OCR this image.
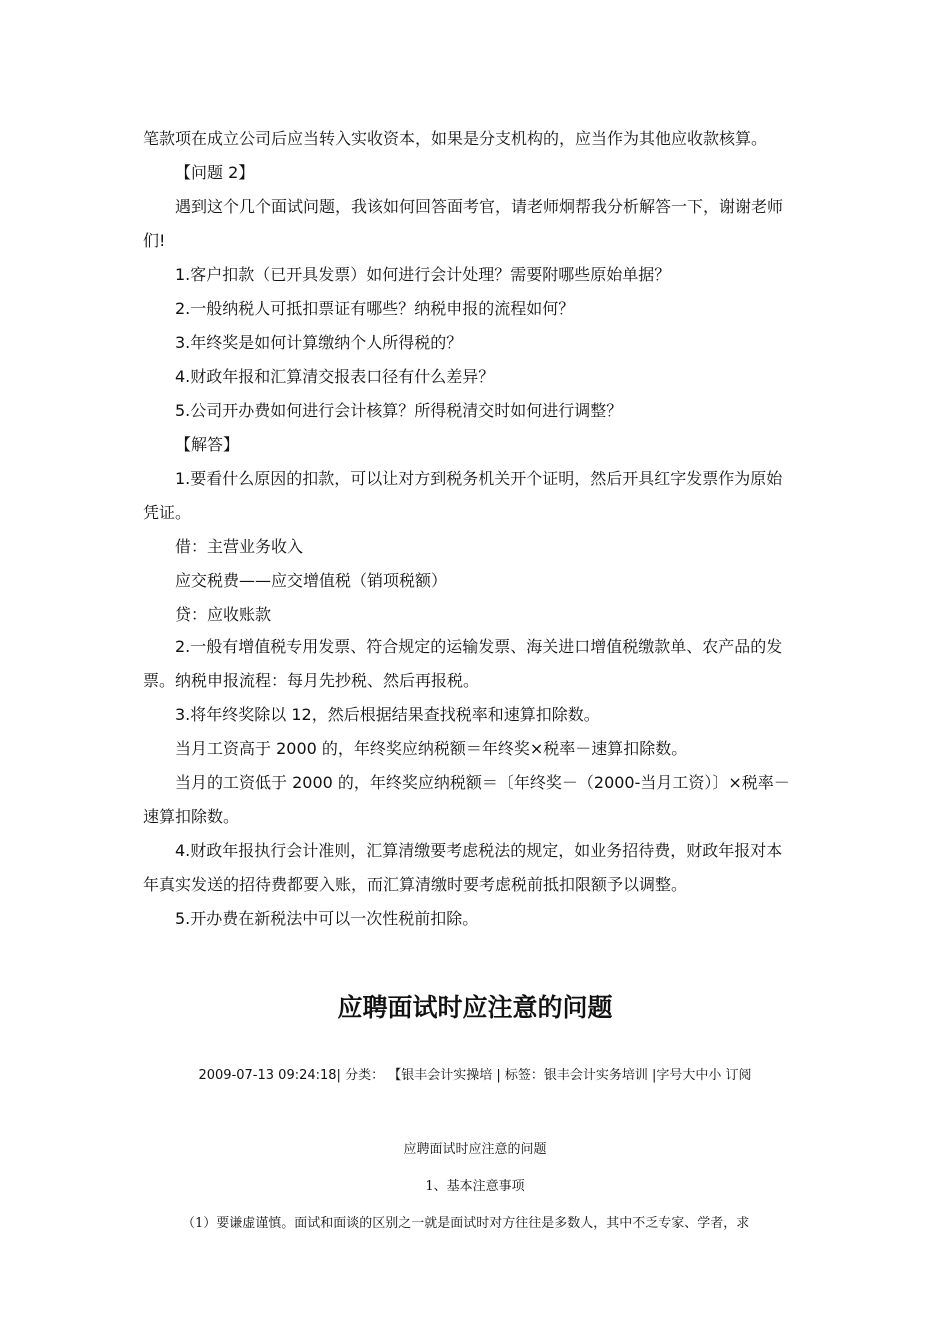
笔款项在成立公司后应当转入实收资本，如果是分支机构的，应当作为其他应收款核算。

【问题 2】

遇到这个几个面试问题，我该如何回答面考官，请老师炯帮我分析解答一下，谢谢老师

们!

1.客户扣款（已开具发票）如何进行会计处理？需要附哪些原始单据？

2.一般纳税人可抵扣票证有哪些？纳税申报的流程如何？

3.年终奖是如何计算缴纳个人所得税的？

4.财政年报和汇算清交报表口径有什么差异？

5.公司开办费如何进行会计核算？所得税清交时如何进行调整？

【解答】

1.要看什么原因的扣款，可以让对方到税务机关开个证明，然后开具红字发票作为原始

凭证。

借：主营业务收入

应交税费——应交增值税（销项税额）

贷：应收账款

2.一般有增值税专用发票、符合规定的运输发票、海关进口增值税缴款单、农产品的发

票。纳税申报流程：每月先抄税、然后再报税。

3.将年终奖除以 12，然后根据结果查找税率和速算扣除数。

当月工资高于 2000 的，年终奖应纳税额＝年终奖×税率－速算扣除数。

当月的工资低于 2000 的，年终奖应纳税额＝〔年终奖－（2000-当月工资）〕×税率－

速算扣除数。

4.财政年报执行会计准则，汇算清缴要考虑税法的规定，如业务招待费，财政年报对本

年真实发送的招待费都要入账，而汇算清缴时要考虑税前抵扣限额予以调整。

5.开办费在新税法中可以一次性税前扣除。

应聘面试时应注意的问题

2009-07-13 09:24:18| 分类： 【银丰会计实操培 | 标签：银丰会计实务培训 |字号大中小 订阅

应聘面试时应注意的问题

1、基本注意事项

（1）要谦虚谨慎。面试和面谈的区别之一就是面试时对方往往是多数人，其中不乏专家、学者，求
